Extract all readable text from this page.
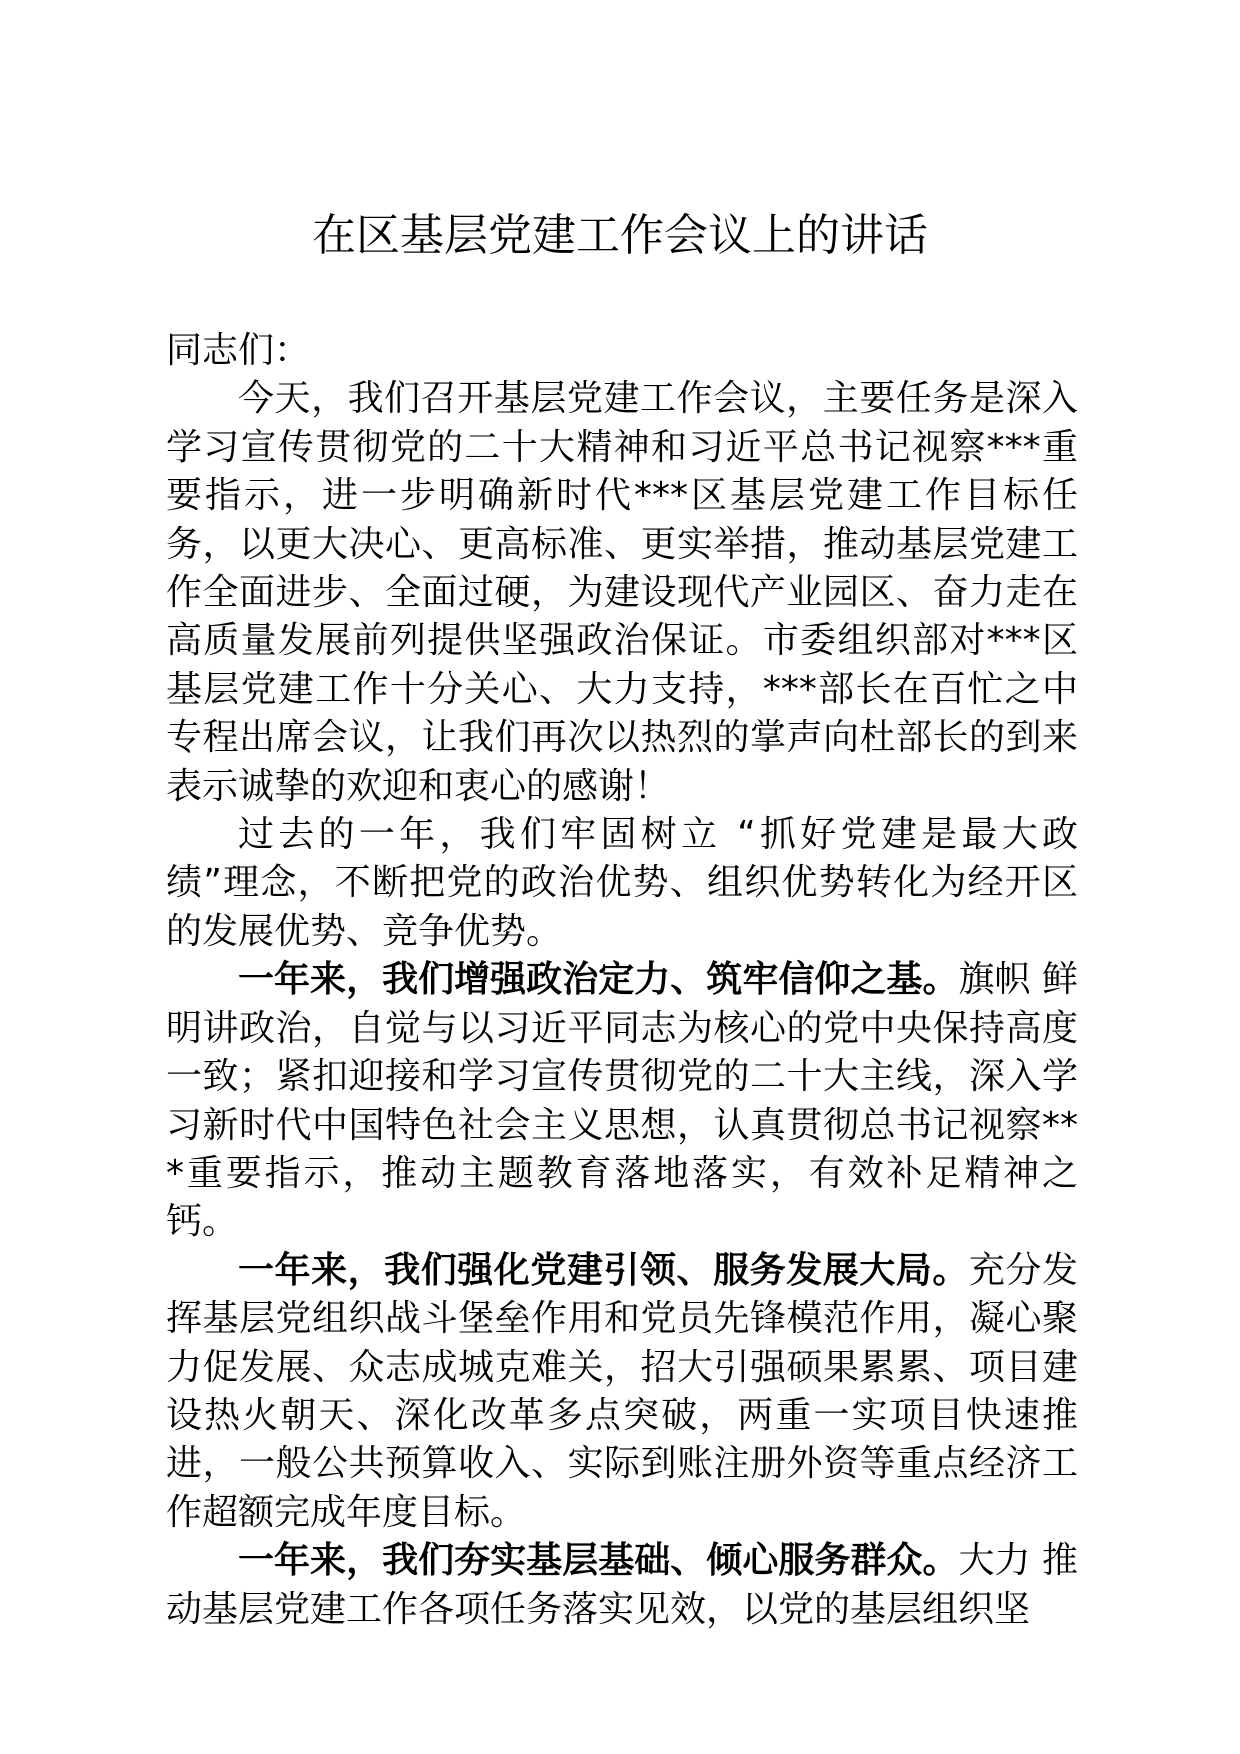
在区基层党建工作会议上的讲话

同志们：

今天，我们召开基层党建工作会议，主要任务是深入学习宣传贯彻党的二十大精神和习近平总书记视察***重要指示，进一步明确新时代***区基层党建工作目标任务，以更大决心、更高标准、更实举措，推动基层党建工作全面进步、全面过硬，为建设现代产业园区、奋力走在高质量发展前列提供坚强政治保证。市委组织部对***区基层党建工作十分关心、大力支持，***部长在百忙之中专程出席会议，让我们再次以热烈的掌声向杜部长的到来表示诚挚的欢迎和衷心的感谢！

过去的一年，我们牢固树立 “抓好党建是最大政绩”理念，不断把党的政治优势、组织优势转化为经开区的发展优势、竞争优势。

一年来，我们增强政治定力、筑牢信仰之基。旗帜 鲜明讲政治，自觉与以习近平同志为核心的党中央保持高度一致；紧扣迎接和学习宣传贯彻党的二十大主线，深入学习新时代中国特色社会主义思想，认真贯彻总书记视察***重要指示，推动主题教育落地落实，有效补足精神之钙。

一年来，我们强化党建引领、服务发展大局。充分发挥基层党组织战斗堡垒作用和党员先锋模范作用，凝心聚力促发展、众志成城克难关，招大引强硕果累累、项目建设热火朝天、深化改革多点突破，两重一实项目快速推进，一般公共预算收入、实际到账注册外资等重点经济工作超额完成年度目标。

一年来，我们夯实基层基础、倾心服务群众。大力 推动基层党建工作各项任务落实见效，以党的基层组织坚
